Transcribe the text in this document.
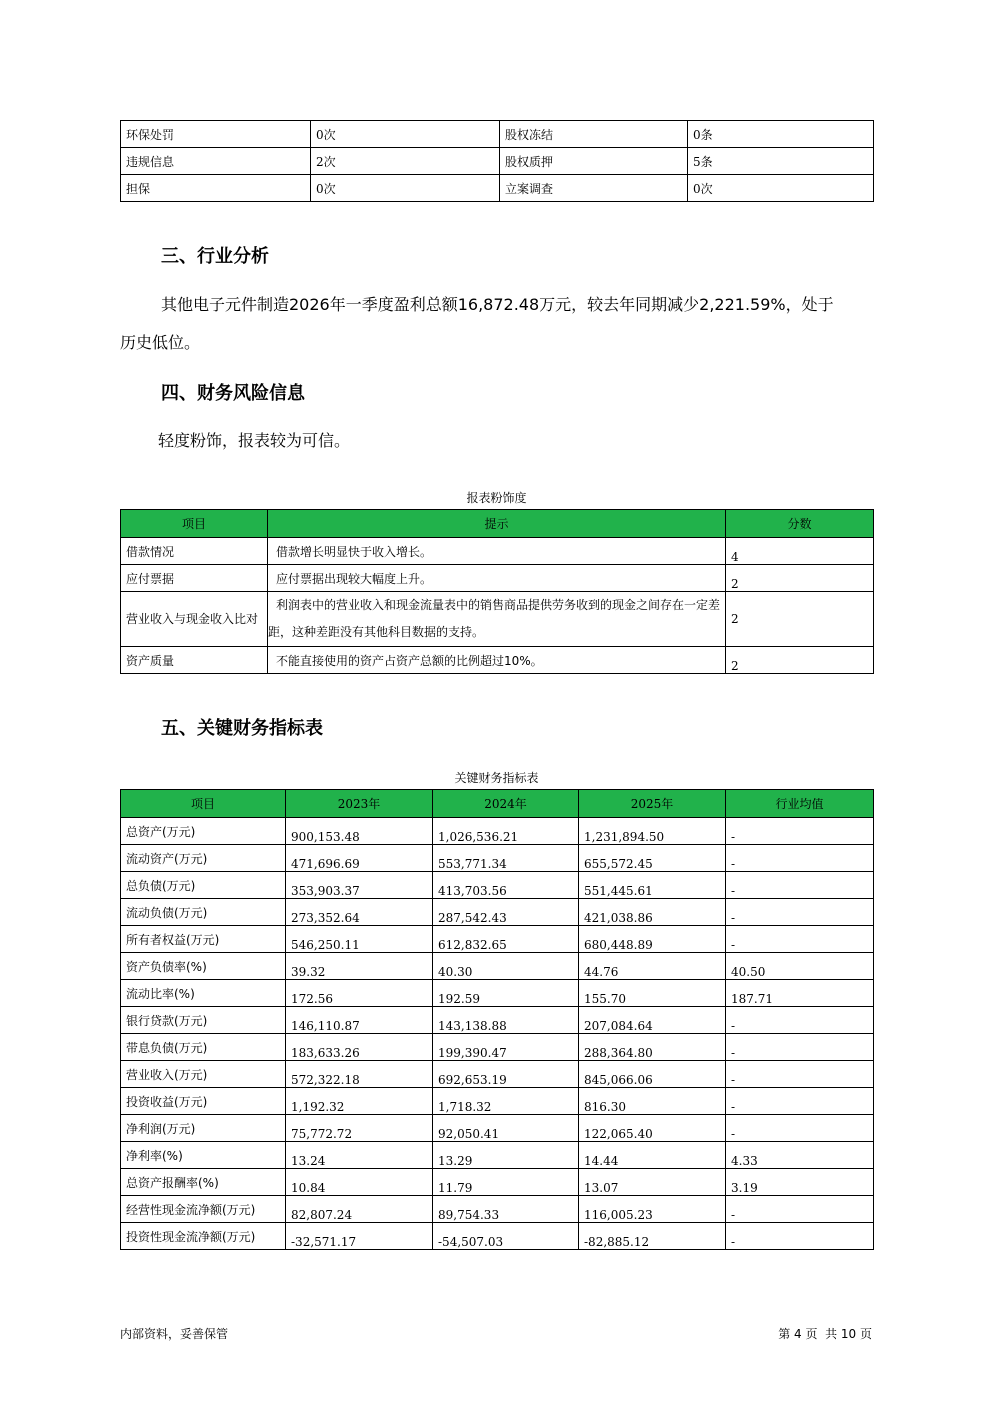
环保处罚	0次	股权冻结	0条
违规信息	2次	股权质押	5条
担保	0次	立案调查	0次
三、行业分析
其他电子元件制造2026年一季度盈利总额16,872.48万元，较去年同期减少2,221.59%，处于
历史低位。
四、财务风险信息
轻度粉饰，报表较为可信。
报表粉饰度
项目	提示	分数
借款情况	借款增长明显快于收入增长。	4
应付票据	应付票据出现较大幅度上升。	2
营业收入与现金收入比对	利润表中的营业收入和现金流量表中的销售商品提供劳务收到的现金之间存在一定差距，这种差距没有其他科目数据的支持。	2
资产质量	不能直接使用的资产占资产总额的比例超过10%。	2
五、关键财务指标表
关键财务指标表
项目	2023年	2024年	2025年	行业均值
总资产(万元)	900,153.48	1,026,536.21	1,231,894.50	-
流动资产(万元)	471,696.69	553,771.34	655,572.45	-
总负债(万元)	353,903.37	413,703.56	551,445.61	-
流动负债(万元)	273,352.64	287,542.43	421,038.86	-
所有者权益(万元)	546,250.11	612,832.65	680,448.89	-
资产负债率(%)	39.32	40.30	44.76	40.50
流动比率(%)	172.56	192.59	155.70	187.71
银行贷款(万元)	146,110.87	143,138.88	207,084.64	-
带息负债(万元)	183,633.26	199,390.47	288,364.80	-
营业收入(万元)	572,322.18	692,653.19	845,066.06	-
投资收益(万元)	1,192.32	1,718.32	816.30	-
净利润(万元)	75,772.72	92,050.41	122,065.40	-
净利率(%)	13.24	13.29	14.44	4.33
总资产报酬率(%)	10.84	11.79	13.07	3.19
经营性现金流净额(万元)	82,807.24	89,754.33	116,005.23	-
投资性现金流净额(万元)	-32,571.17	-54,507.03	-82,885.12	-
内部资料，妥善保管	第 4 页  共 10 页
